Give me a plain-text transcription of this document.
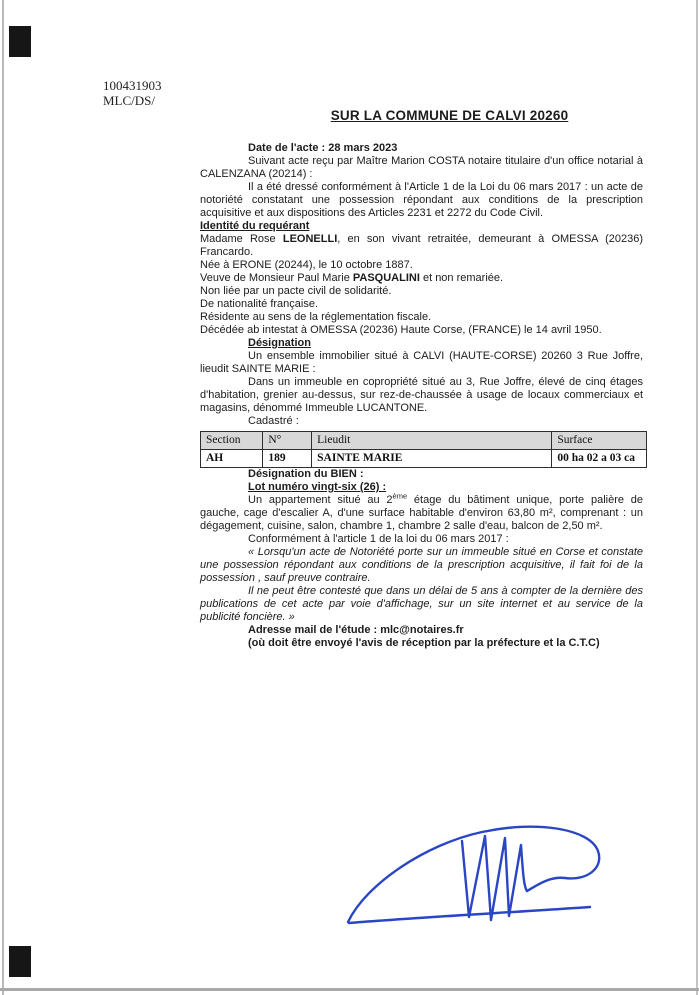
100431903
MLC/DS/
SUR LA COMMUNE DE CALVI 20260

Date de l'acte : 28 mars 2023

Suivant acte reçu par Maître Marion COSTA notaire titulaire d'un office notarial à CALENZANA (20214) :

Il a été dressé conformément à l'Article 1 de la Loi du 06 mars 2017 : un acte de notoriété constatant une possession répondant aux conditions de la prescription acquisitive et aux dispositions des Articles 2231 et 2272 du Code Civil.

Identité du requérant

Madame Rose LEONELLI, en son vivant retraitée, demeurant à OMESSA (20236) Francardo.

Née à ERONE (20244), le 10 octobre 1887.

Veuve de Monsieur Paul Marie PASQUALINI et non remariée.

Non liée par un pacte civil de solidarité.

De nationalité française.

Résidente au sens de la réglementation fiscale.

Décédée ab intestat à OMESSA (20236) Haute Corse, (FRANCE) le 14 avril 1950.

Désignation

Un ensemble immobilier situé à CALVI (HAUTE-CORSE) 20260 3 Rue Joffre, lieudit SAINTE MARIE :

Dans un immeuble en copropriété situé au 3, Rue Joffre, élevé de cinq étages d'habitation, grenier au-dessus, sur rez-de-chaussée à usage de locaux commerciaux et magasins, dénommé Immeuble LUCANTONE.

Cadastré :

Section	N°	Lieudit	Surface
AH	189	SAINTE MARIE	00 ha 02 a 03 ca

Désignation du BIEN :

Lot numéro vingt-six (26) :

Un appartement situé au 2ème étage du bâtiment unique, porte palière de gauche, cage d'escalier A, d'une surface habitable d'environ 63,80 m², comprenant : un dégagement, cuisine, salon, chambre 1, chambre 2 salle d'eau, balcon de 2,50 m².

Conformément à l'article 1 de la loi du 06 mars 2017 :

« Lorsqu'un acte de Notoriété porte sur un immeuble situé en Corse et constate une possession répondant aux conditions de la prescription acquisitive, il fait foi de la possession , sauf preuve contraire.

Il ne peut être contesté que dans un délai de 5 ans à compter de la dernière des publications de cet acte par voie d'affichage, sur un site internet et au service de la publicité foncière. »

Adresse mail de l'étude : mlc@notaires.fr

(où doit être envoyé l'avis de réception par la préfecture et la C.T.C)
